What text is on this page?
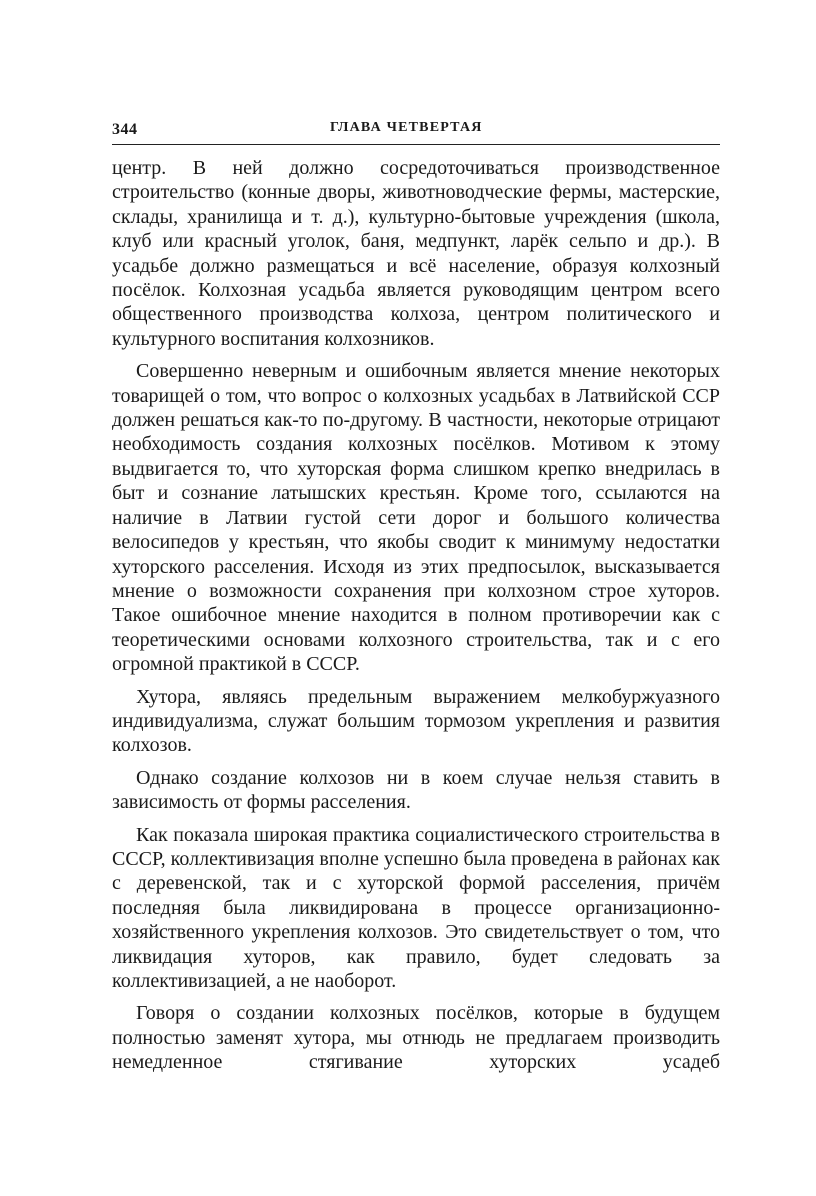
344	ГЛАВА ЧЕТВЕРТАЯ

центр. В ней должно сосредоточиваться производственное строительство (конные дворы, животноводческие фермы, мастерские, склады, хранилища и т. д.), культурно-бытовые учреждения (школа, клуб или красный уголок, баня, медпункт, ларёк сельпо и др.). В усадьбе должно размещаться и всё население, образуя колхозный посёлок. Колхозная усадьба является руководящим центром всего общественного производства колхоза, центром политического и культурного воспитания колхозников.

Совершенно неверным и ошибочным является мнение некоторых товарищей о том, что вопрос о колхозных усадьбах в Латвийской ССР должен решаться как-то по-другому. В частности, некоторые отрицают необходимость создания колхозных посёлков. Мотивом к этому выдвигается то, что хуторская форма слишком крепко внедрилась в быт и сознание латышских крестьян. Кроме того, ссылаются на наличие в Латвии густой сети дорог и большого количества велосипедов у крестьян, что якобы сводит к минимуму недостатки хуторского расселения. Исходя из этих предпосылок, высказывается мнение о возможности сохранения при колхозном строе хуторов. Такое ошибочное мнение находится в полном противоречии как с теоретическими основами колхозного строительства, так и с его огромной практикой в СССР.

Хутора, являясь предельным выражением мелкобуржуазного индивидуализма, служат большим тормозом укрепления и развития колхозов.

Однако создание колхозов ни в коем случае нельзя ставить в зависимость от формы расселения.

Как показала широкая практика социалистического строительства в СССР, коллективизация вполне успешно была проведена в районах как с деревенской, так и с хуторской формой расселения, причём последняя была ликвидирована в процессе организационно-хозяйственного укрепления колхозов. Это свидетельствует о том, что ликвидация хуторов, как правило, будет следовать за коллективизацией, а не наоборот.

Говоря о создании колхозных посёлков, которые в будущем полностью заменят хутора, мы отнюдь не предлагаем производить немедленное стягивание хуторских усадеб
